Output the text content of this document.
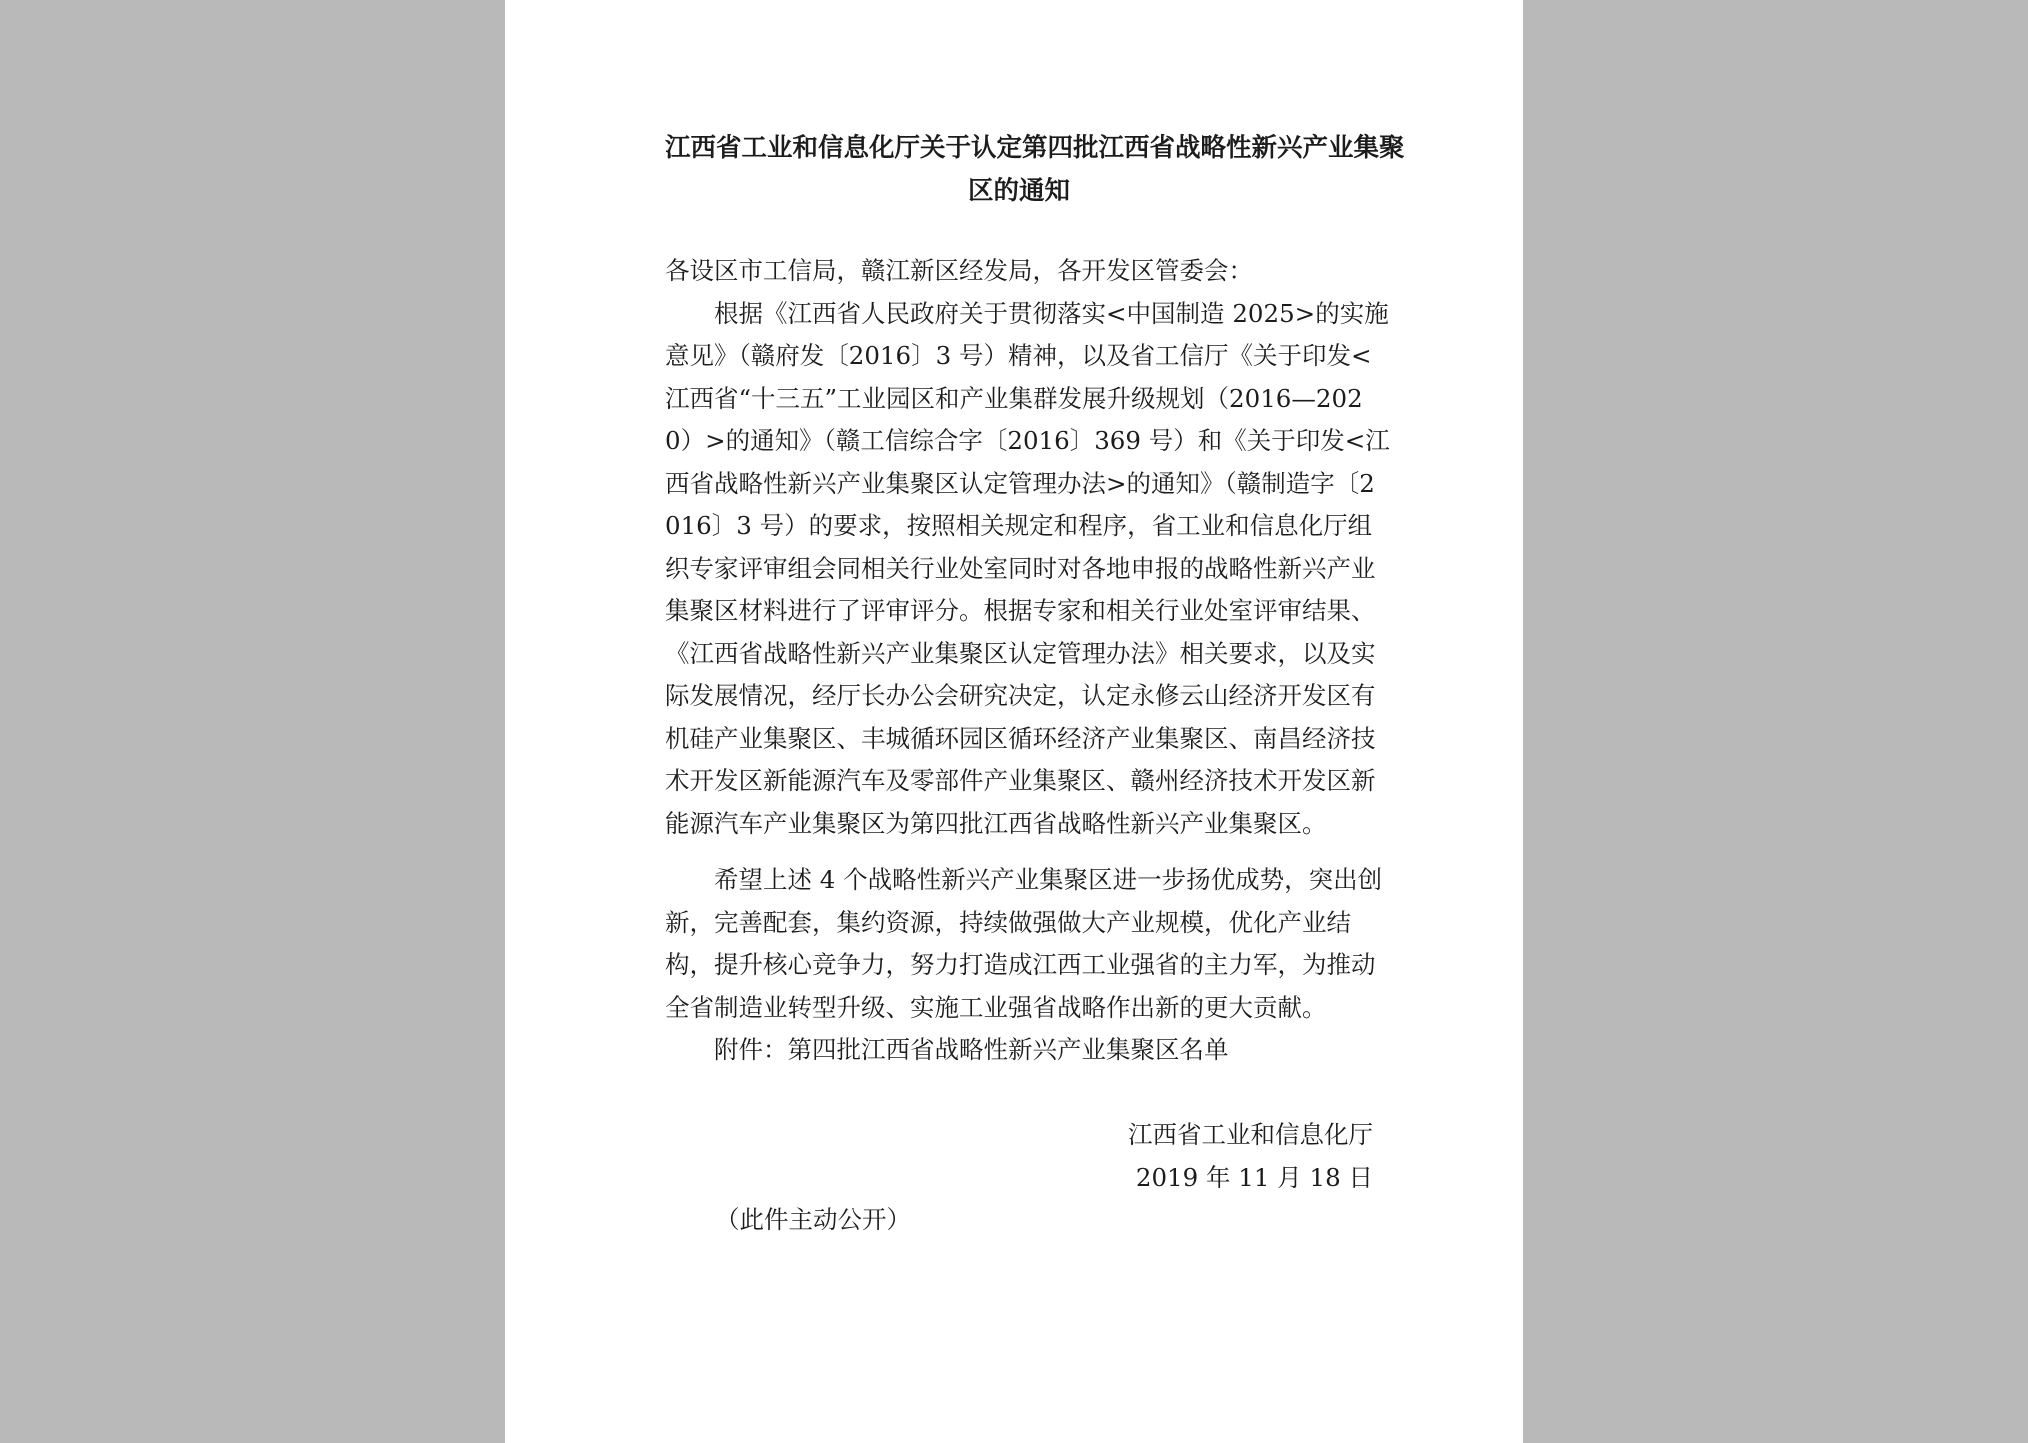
江西省工业和信息化厅关于认定第四批江西省战略性新兴产业集聚
区的通知
各设区市工信局，赣江新区经发局，各开发区管委会：
根据《江西省人民政府关于贯彻落实<中国制造 2025>的实施
意见》（赣府发〔2016〕3 号）精神，以及省工信厅《关于印发<
江西省“十三五”工业园区和产业集群发展升级规划（2016—202
0）>的通知》（赣工信综合字〔2016〕369 号）和《关于印发<江
西省战略性新兴产业集聚区认定管理办法>的通知》（赣制造字〔2
016〕3 号）的要求，按照相关规定和程序，省工业和信息化厅组
织专家评审组会同相关行业处室同时对各地申报的战略性新兴产业
集聚区材料进行了评审评分。根据专家和相关行业处室评审结果、
《江西省战略性新兴产业集聚区认定管理办法》相关要求，以及实
际发展情况，经厅长办公会研究决定，认定永修云山经济开发区有
机硅产业集聚区、丰城循环园区循环经济产业集聚区、南昌经济技
术开发区新能源汽车及零部件产业集聚区、赣州经济技术开发区新
能源汽车产业集聚区为第四批江西省战略性新兴产业集聚区。
希望上述 4 个战略性新兴产业集聚区进一步扬优成势，突出创
新，完善配套，集约资源，持续做强做大产业规模，优化产业结
构，提升核心竞争力，努力打造成江西工业强省的主力军，为推动
全省制造业转型升级、实施工业强省战略作出新的更大贡献。
附件：第四批江西省战略性新兴产业集聚区名单
江西省工业和信息化厅
2019 年 11 月 18 日
（此件主动公开）
